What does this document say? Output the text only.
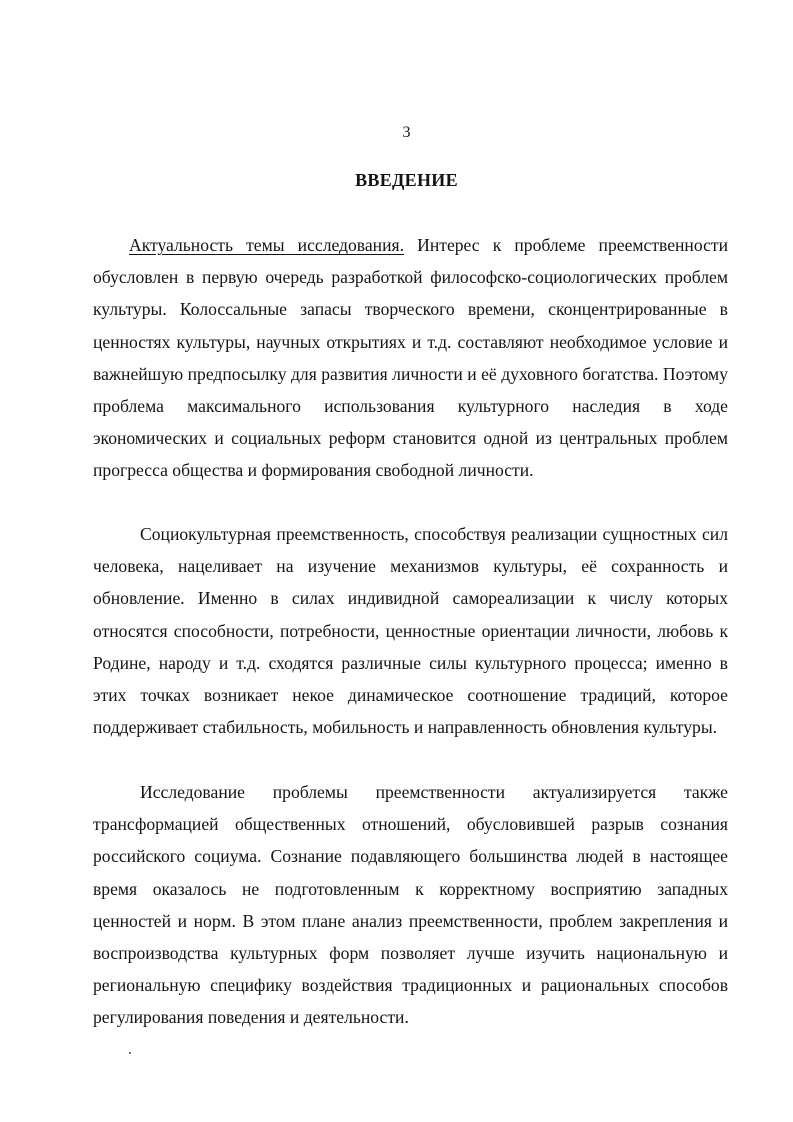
3
ВВЕДЕНИЕ

Актуальность темы исследования. Интерес к проблеме преемственности обусловлен в первую очередь разработкой философско-социологических проблем культуры. Колоссальные запасы творческого времени, сконцентрированные в ценностях культуры, научных открытиях и т.д. составляют необходимое условие и важнейшую предпосылку для развития личности и её духовного богатства. Поэтому проблема максимального использования культурного наследия в ходе экономических и социальных реформ становится одной из центральных проблем прогресса общества и формирования свободной личности.

Социокультурная преемственность, способствуя реализации сущностных сил человека, нацеливает на изучение механизмов культуры, её сохранность и обновление. Именно в силах индивидной самореализации к числу которых относятся способности, потребности, ценностные ориентации личности, любовь к Родине, народу и т.д. сходятся различные силы культурного процесса; именно в этих точках возникает некое динамическое соотношение традиций, которое поддерживает стабильность, мобильность и направленность обновления культуры.

Исследование проблемы преемственности актуализируется также трансформацией общественных отношений, обусловившей разрыв сознания российского социума. Сознание подавляющего большинства людей в настоящее время оказалось не подготовленным к корректному восприятию западных ценностей и норм. В этом плане анализ преемственности, проблем закрепления и воспроизводства культурных форм позволяет лучше изучить национальную и региональную специфику воздействия традиционных и рациональных способов регулирования поведения и деятельности.
